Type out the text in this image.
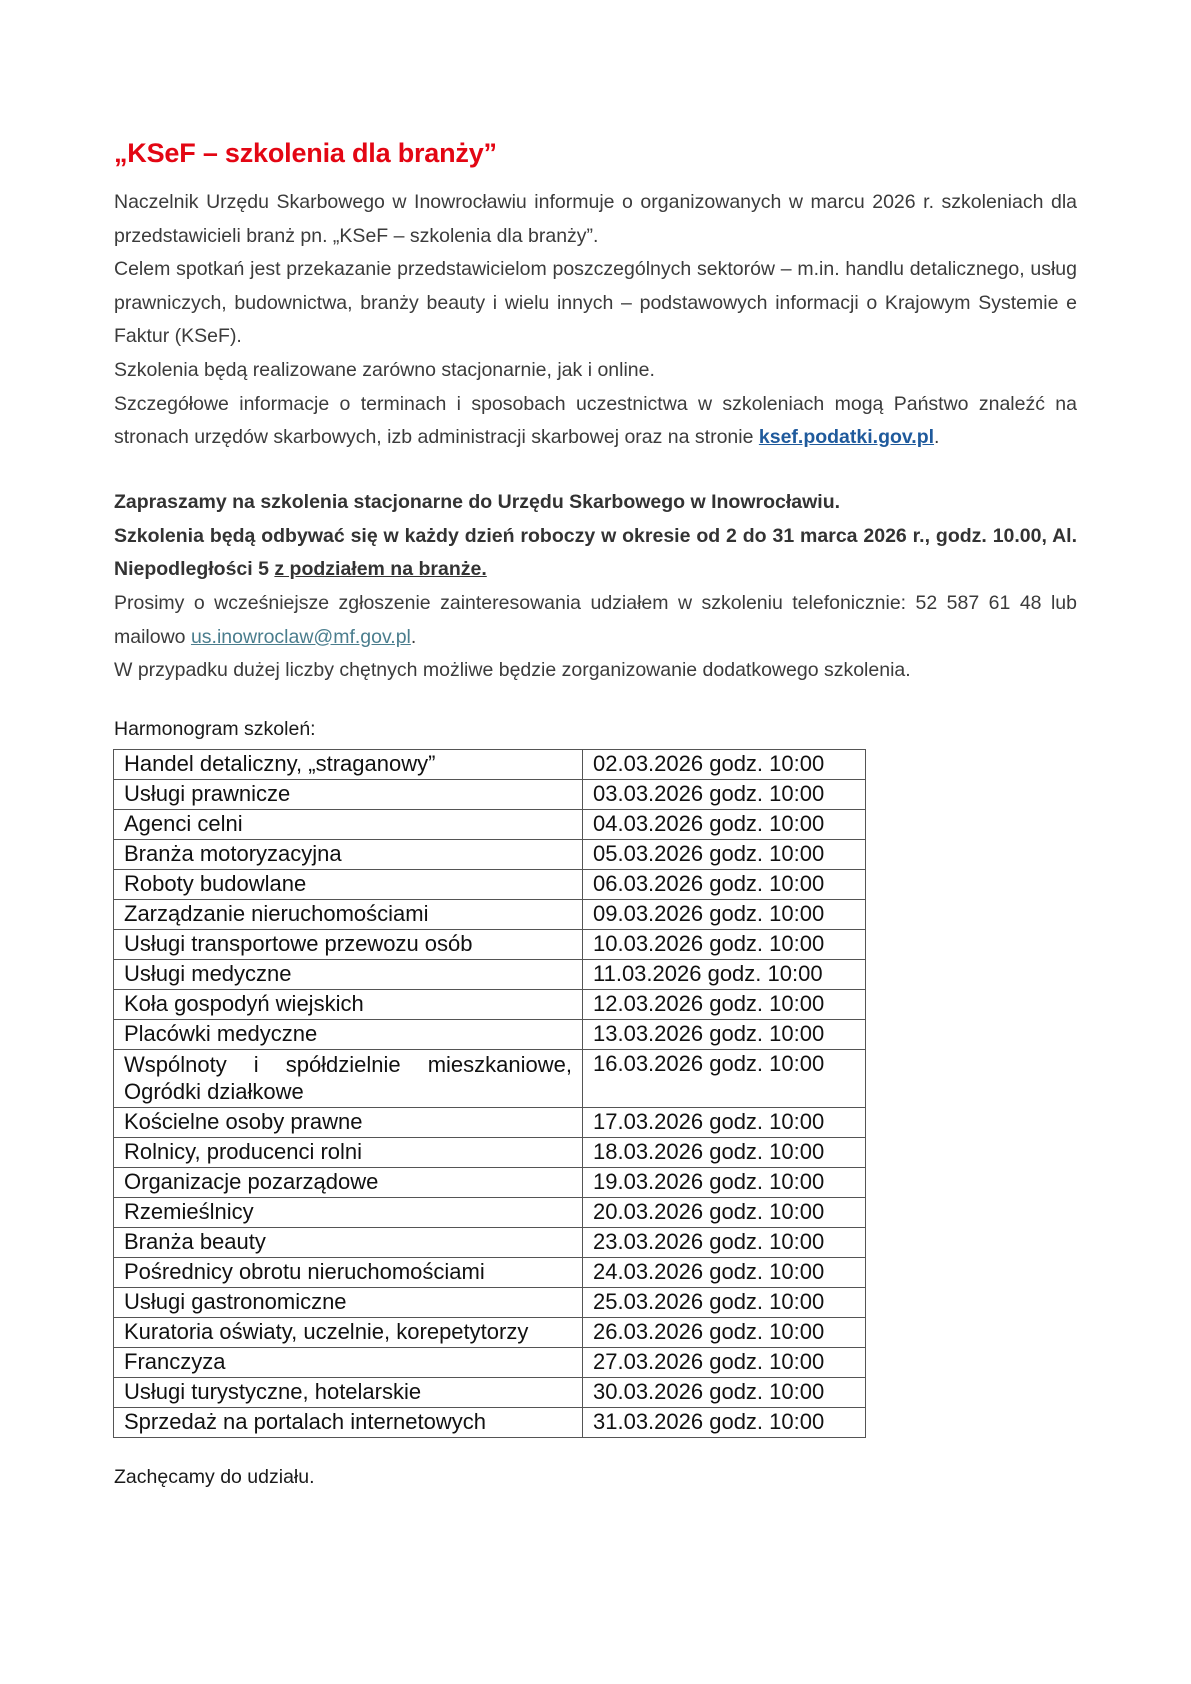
„KSeF – szkolenia dla branży”

Naczelnik Urzędu Skarbowego w Inowrocławiu informuje o organizowanych w marcu 2026 r. szkoleniach dla przedstawicieli branż pn. „KSeF – szkolenia dla branży”.

Celem spotkań jest przekazanie przedstawicielom poszczególnych sektorów – m.in. handlu detalicznego, usług prawniczych, budownictwa, branży beauty i wielu innych – podstawowych informacji o Krajowym Systemie e Faktur (KSeF).

Szkolenia będą realizowane zarówno stacjonarnie, jak i online.

Szczegółowe informacje o terminach i sposobach uczestnictwa w szkoleniach mogą Państwo znaleźć na stronach urzędów skarbowych, izb administracji skarbowej oraz na stronie ksef.podatki.gov.pl.

Zapraszamy na szkolenia stacjonarne do Urzędu Skarbowego w Inowrocławiu.

Szkolenia będą odbywać się w każdy dzień roboczy w okresie od 2 do 31 marca 2026 r., godz. 10.00, Al. Niepodległości 5 z podziałem na branże.

Prosimy o wcześniejsze zgłoszenie zainteresowania udziałem w szkoleniu telefonicznie: 52 587 61 48 lub mailowo us.inowroclaw@mf.gov.pl.

W przypadku dużej liczby chętnych możliwe będzie zorganizowanie dodatkowego szkolenia.

Harmonogram szkoleń:
Handel detaliczny, „straganowy”	02.03.2026 godz. 10:00
Usługi prawnicze	03.03.2026 godz. 10:00
Agenci celni	04.03.2026 godz. 10:00
Branża motoryzacyjna	05.03.2026 godz. 10:00
Roboty budowlane	06.03.2026 godz. 10:00
Zarządzanie nieruchomościami	09.03.2026 godz. 10:00
Usługi transportowe przewozu osób	10.03.2026 godz. 10:00
Usługi medyczne	11.03.2026 godz. 10:00
Koła gospodyń wiejskich	12.03.2026 godz. 10:00
Placówki medyczne	13.03.2026 godz. 10:00
Wspólnoty i spółdzielnie mieszkaniowe, Ogródki działkowe	16.03.2026 godz. 10:00
Kościelne osoby prawne	17.03.2026 godz. 10:00
Rolnicy, producenci rolni	18.03.2026 godz. 10:00
Organizacje pozarządowe	19.03.2026 godz. 10:00
Rzemieślnicy	20.03.2026 godz. 10:00
Branża beauty	23.03.2026 godz. 10:00
Pośrednicy obrotu nieruchomościami	24.03.2026 godz. 10:00
Usługi gastronomiczne	25.03.2026 godz. 10:00
Kuratoria oświaty, uczelnie, korepetytorzy	26.03.2026 godz. 10:00
Franczyza	27.03.2026 godz. 10:00
Usługi turystyczne, hotelarskie	30.03.2026 godz. 10:00
Sprzedaż na portalach internetowych	31.03.2026 godz. 10:00
Zachęcamy do udziału.
